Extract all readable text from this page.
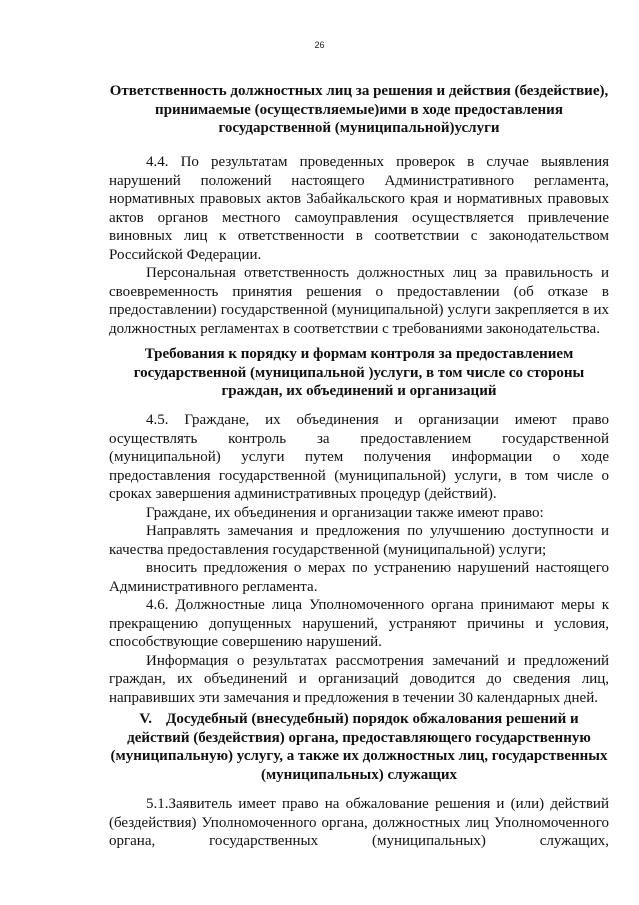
26

Ответственность должностных лиц за решения и действия (бездействие), принимаемые (осуществляемые)ими в ходе предоставления государственной (муниципальной)услуги

4.4. По результатам проведенных проверок в случае выявления нарушений положений настоящего Административного регламента, нормативных правовых актов Забайкальского края и нормативных правовых актов органов местного самоуправления осуществляется привлечение виновных лиц к ответственности в соответствии с законодательством Российской Федерации.

Персональная ответственность должностных лиц за правильность и своевременность принятия решения о предоставлении (об отказе в предоставлении) государственной (муниципальной) услуги закрепляется в их должностных регламентах в соответствии с требованиями законодательства.

Требования к порядку и формам контроля за предоставлением государственной (муниципальной )услуги, в том числе со стороны граждан, их объединений и организаций

4.5. Граждане, их объединения и организации имеют право осуществлять контроль за предоставлением государственной (муниципальной) услуги путем получения информации о ходе предоставления государственной (муниципальной) услуги, в том числе о сроках завершения административных процедур (действий).

Граждане, их объединения и организации также имеют право:

Направлять замечания и предложения по улучшению доступности и качества предоставления государственной (муниципальной) услуги;

вносить предложения о мерах по устранению нарушений настоящего Административного регламента.

4.6. Должностные лица Уполномоченного органа принимают меры к прекращению допущенных нарушений, устраняют причины и условия, способствующие совершению нарушений.

Информация о результатах рассмотрения замечаний и предложений граждан, их объединений и организаций доводится до сведения лиц, направивших эти замечания и предложения в течении 30 календарных дней.

V. Досудебный (внесудебный) порядок обжалования решений и действий (бездействия) органа, предоставляющего государственную (муниципальную) услугу, а также их должностных лиц, государственных (муниципальных) служащих

5.1.Заявитель имеет право на обжалование решения и (или) действий (бездействия) Уполномоченного органа, должностных лиц Уполномоченного органа, государственных (муниципальных) служащих,
